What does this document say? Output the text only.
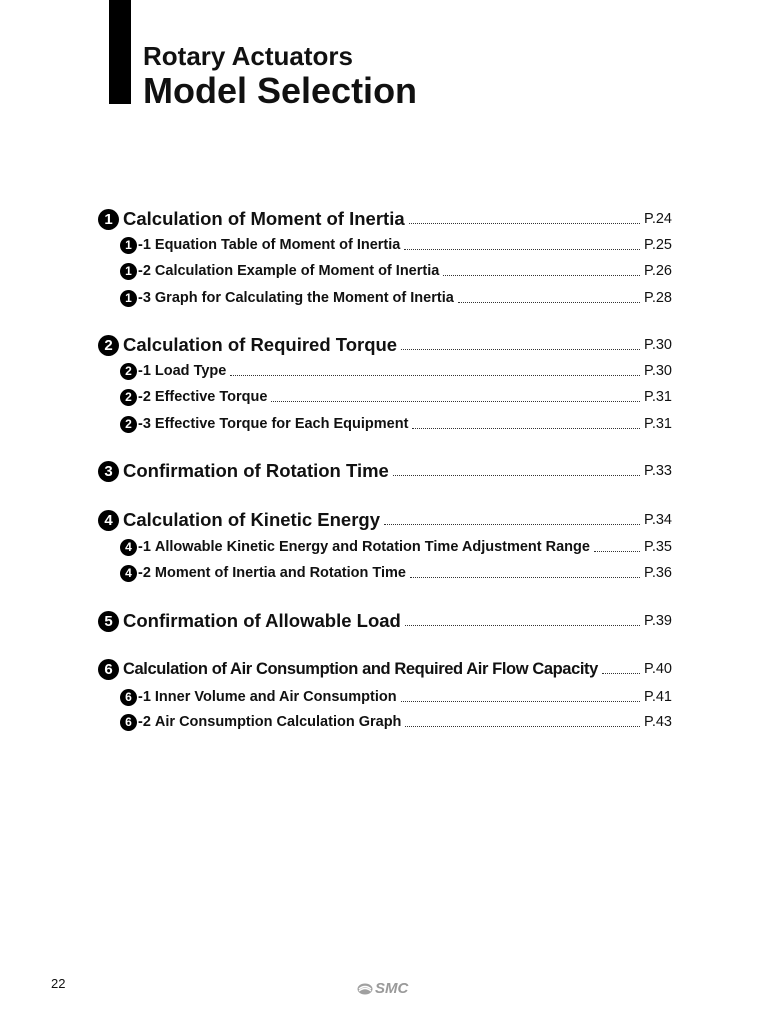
Rotary Actuators
Model Selection
1 Calculation of Moment of Inertia	P.24
1 -1 Equation Table of Moment of Inertia	P.25
1 -2 Calculation Example of Moment of Inertia	P.26
1 -3 Graph for Calculating the Moment of Inertia	P.28
2 Calculation of Required Torque	P.30
2 -1 Load Type	P.30
2 -2 Effective Torque	P.31
2 -3 Effective Torque for Each Equipment	P.31
3 Confirmation of Rotation Time	P.33
4 Calculation of Kinetic Energy	P.34
4 -1 Allowable Kinetic Energy and Rotation Time Adjustment Range	P.35
4 -2 Moment of Inertia and Rotation Time	P.36
5 Confirmation of Allowable Load	P.39
6 Calculation of Air Consumption and Required Air Flow Capacity	P.40
6 -1 Inner Volume and Air Consumption	P.41
6 -2 Air Consumption Calculation Graph	P.43
22	SMC
